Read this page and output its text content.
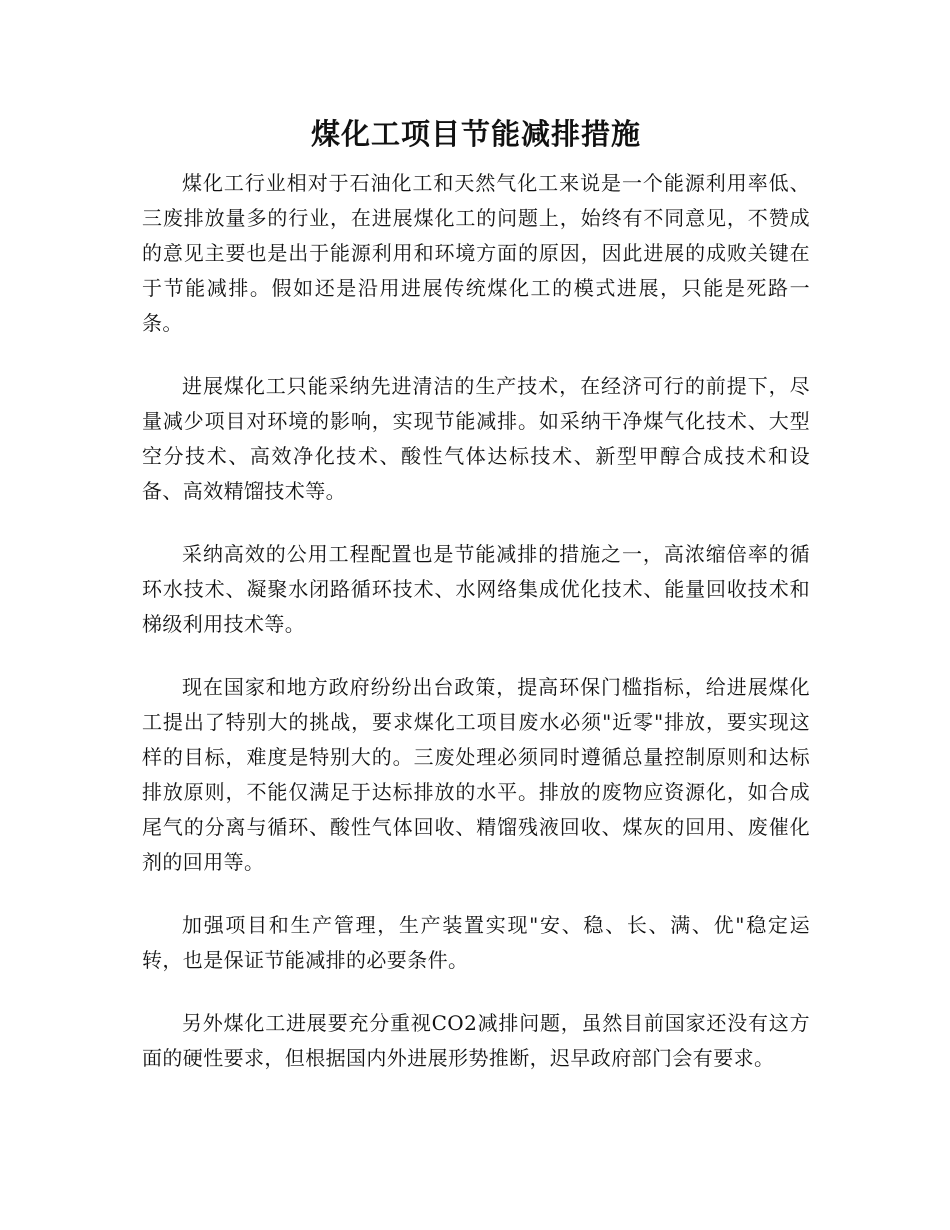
煤化工项目节能减排措施

煤化工行业相对于石油化工和天然气化工来说是一个能源利用率低、三废排放量多的行业，在进展煤化工的问题上，始终有不同意见，不赞成的意见主要也是出于能源利用和环境方面的原因，因此进展的成败关键在于节能减排。假如还是沿用进展传统煤化工的模式进展，只能是死路一条。

进展煤化工只能采纳先进清洁的生产技术，在经济可行的前提下，尽量减少项目对环境的影响，实现节能减排。如采纳干净煤气化技术、大型空分技术、高效净化技术、酸性气体达标技术、新型甲醇合成技术和设备、高效精馏技术等。

采纳高效的公用工程配置也是节能减排的措施之一，高浓缩倍率的循环水技术、凝聚水闭路循环技术、水网络集成优化技术、能量回收技术和梯级利用技术等。

现在国家和地方政府纷纷出台政策，提高环保门槛指标，给进展煤化工提出了特别大的挑战，要求煤化工项目废水必须"近零"排放，要实现这样的目标，难度是特别大的。三废处理必须同时遵循总量控制原则和达标排放原则，不能仅满足于达标排放的水平。排放的废物应资源化，如合成尾气的分离与循环、酸性气体回收、精馏残液回收、煤灰的回用、废催化剂的回用等。

加强项目和生产管理，生产装置实现"安、稳、长、满、优"稳定运转，也是保证节能减排的必要条件。

另外煤化工进展要充分重视CO2减排问题，虽然目前国家还没有这方面的硬性要求，但根据国内外进展形势推断，迟早政府部门会有要求。
